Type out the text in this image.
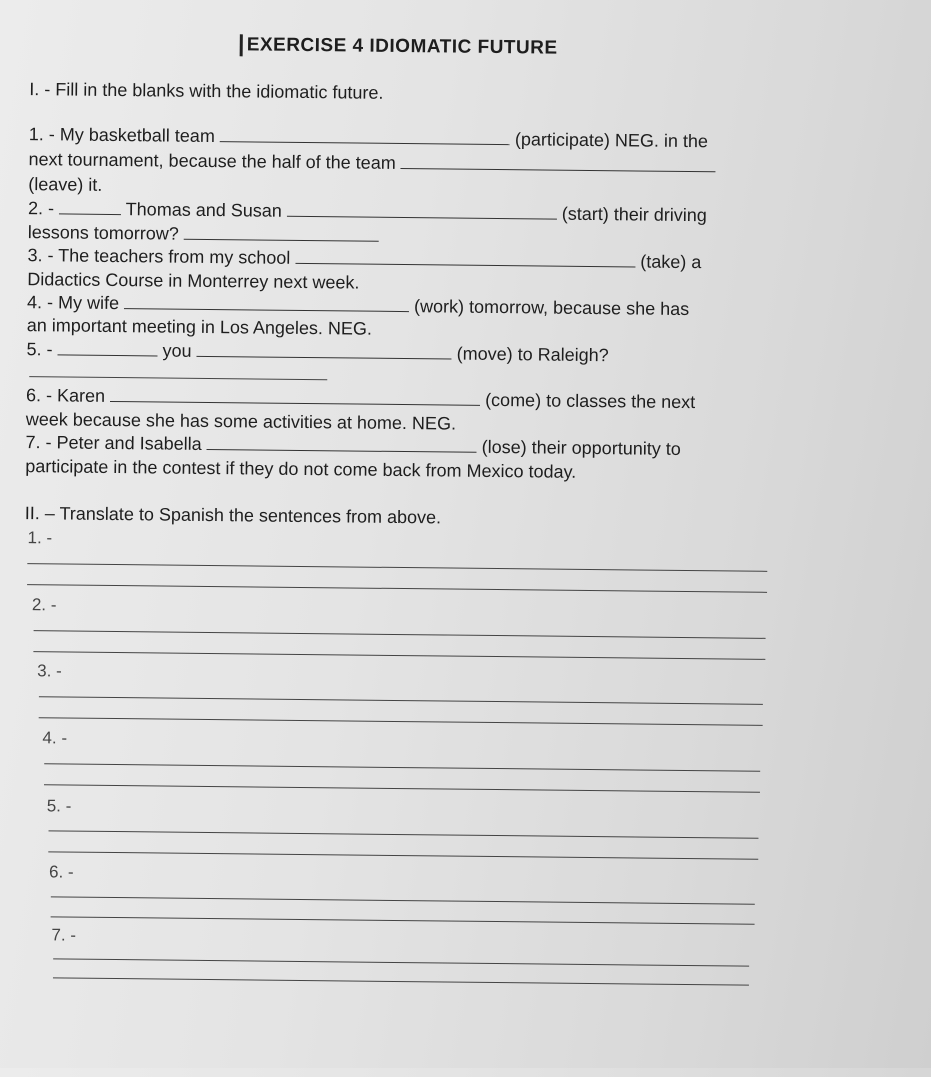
EXERCISE 4 IDIOMATIC FUTURE
I. - Fill in the blanks with the idiomatic future.
1. - My basketball team	(participate) NEG. in the
next tournament, because the half of the team
(leave) it.
2. -	Thomas and Susan	(start) their driving
lessons tomorrow?
3. - The teachers from my school	(take) a
Didactics Course in Monterrey next week.
4. - My wife	(work) tomorrow, because she has
an important meeting in Los Angeles. NEG.
5. -	you	(move) to Raleigh?
6. - Karen	(come) to classes the next
week because she has some activities at home. NEG.
7. - Peter and Isabella	(lose) their opportunity to
participate in the contest if they do not come back from Mexico today.
II. – Translate to Spanish the sentences from above.
1. -
2. -
3. -
4. -
5. -
6. -
7. -
